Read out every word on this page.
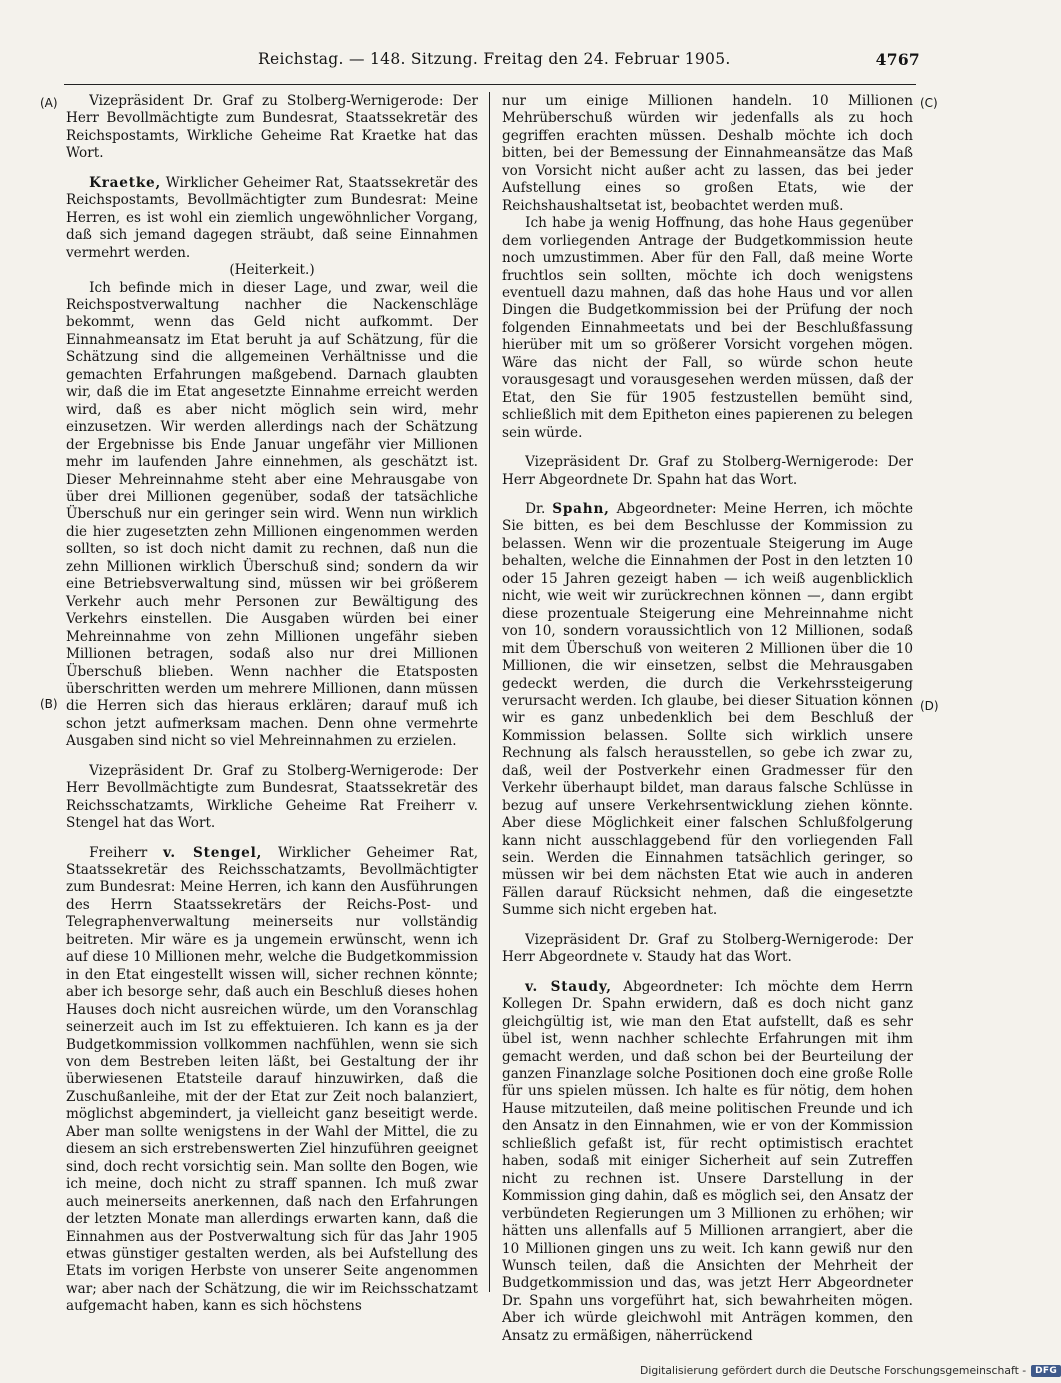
Reichstag. — 148. Sitzung. Freitag den 24. Februar 1905.	4767
(A)
(B)
(C)
(D)

Vizepräsident Dr. Graf zu Stolberg-Wernigerode: Der Herr Bevollmächtigte zum Bundesrat, Staatssekretär des Reichspostamts, Wirkliche Geheime Rat Kraetke hat das Wort.

Kraetke, Wirklicher Geheimer Rat, Staatssekretär des Reichspostamts, Bevollmächtigter zum Bundesrat: Meine Herren, es ist wohl ein ziemlich ungewöhnlicher Vorgang, daß sich jemand dagegen sträubt, daß seine Einnahmen vermehrt werden.

(Heiterkeit.)

Ich befinde mich in dieser Lage, und zwar, weil die Reichspostverwaltung nachher die Nackenschläge bekommt, wenn das Geld nicht aufkommt. Der Einnahmeansatz im Etat beruht ja auf Schätzung, für die Schätzung sind die allgemeinen Verhältnisse und die gemachten Erfahrungen maßgebend. Darnach glaubten wir, daß die im Etat angesetzte Einnahme erreicht werden wird, daß es aber nicht möglich sein wird, mehr einzusetzen. Wir werden allerdings nach der Schätzung der Ergebnisse bis Ende Januar ungefähr vier Millionen mehr im laufenden Jahre einnehmen, als geschätzt ist. Dieser Mehreinnahme steht aber eine Mehrausgabe von über drei Millionen gegenüber, sodaß der tatsächliche Überschuß nur ein geringer sein wird. Wenn nun wirklich die hier zugesetzten zehn Millionen eingenommen werden sollten, so ist doch nicht damit zu rechnen, daß nun die zehn Millionen wirklich Überschuß sind; sondern da wir eine Betriebsverwaltung sind, müssen wir bei größerem Verkehr auch mehr Personen zur Bewältigung des Verkehrs einstellen. Die Ausgaben würden bei einer Mehreinnahme von zehn Millionen ungefähr sieben Millionen betragen, sodaß also nur drei Millionen Überschuß blieben. Wenn nachher die Etatsposten überschritten werden um mehrere Millionen, dann müssen die Herren sich das hieraus erklären; darauf muß ich schon jetzt aufmerksam machen. Denn ohne vermehrte Ausgaben sind nicht so viel Mehreinnahmen zu erzielen.

Vizepräsident Dr. Graf zu Stolberg-Wernigerode: Der Herr Bevollmächtigte zum Bundesrat, Staatssekretär des Reichsschatzamts, Wirkliche Geheime Rat Freiherr v. Stengel hat das Wort.

Freiherr v. Stengel, Wirklicher Geheimer Rat, Staatssekretär des Reichsschatzamts, Bevollmächtigter zum Bundesrat: Meine Herren, ich kann den Ausführungen des Herrn Staatssekretärs der Reichs-Post- und Telegraphenverwaltung meinerseits nur vollständig beitreten. Mir wäre es ja ungemein erwünscht, wenn ich auf diese 10 Millionen mehr, welche die Budgetkommission in den Etat eingestellt wissen will, sicher rechnen könnte; aber ich besorge sehr, daß auch ein Beschluß dieses hohen Hauses doch nicht ausreichen würde, um den Voranschlag seinerzeit auch im Ist zu effektuieren. Ich kann es ja der Budgetkommission vollkommen nachfühlen, wenn sie sich von dem Bestreben leiten läßt, bei Gestaltung der ihr überwiesenen Etatsteile darauf hinzuwirken, daß die Zuschußanleihe, mit der der Etat zur Zeit noch balanziert, möglichst abgemindert, ja vielleicht ganz beseitigt werde. Aber man sollte wenigstens in der Wahl der Mittel, die zu diesem an sich erstrebenswerten Ziel hinzuführen geeignet sind, doch recht vorsichtig sein. Man sollte den Bogen, wie ich meine, doch nicht zu straff spannen. Ich muß zwar auch meinerseits anerkennen, daß nach den Erfahrungen der letzten Monate man allerdings erwarten kann, daß die Einnahmen aus der Postverwaltung sich für das Jahr 1905 etwas günstiger gestalten werden, als bei Aufstellung des Etats im vorigen Herbste von unserer Seite angenommen war; aber nach der Schätzung, die wir im Reichsschatzamt aufgemacht haben, kann es sich höchstens

nur um einige Millionen handeln. 10 Millionen Mehrüberschuß würden wir jedenfalls als zu hoch gegriffen erachten müssen. Deshalb möchte ich doch bitten, bei der Bemessung der Einnahmeansätze das Maß von Vorsicht nicht außer acht zu lassen, das bei jeder Aufstellung eines so großen Etats, wie der Reichshaushaltsetat ist, beobachtet werden muß.

Ich habe ja wenig Hoffnung, das hohe Haus gegenüber dem vorliegenden Antrage der Budgetkommission heute noch umzustimmen. Aber für den Fall, daß meine Worte fruchtlos sein sollten, möchte ich doch wenigstens eventuell dazu mahnen, daß das hohe Haus und vor allen Dingen die Budgetkommission bei der Prüfung der noch folgenden Einnahmeetats und bei der Beschlußfassung hierüber mit um so größerer Vorsicht vorgehen mögen. Wäre das nicht der Fall, so würde schon heute vorausgesagt und vorausgesehen werden müssen, daß der Etat, den Sie für 1905 festzustellen bemüht sind, schließlich mit dem Epitheton eines papierenen zu belegen sein würde.

Vizepräsident Dr. Graf zu Stolberg-Wernigerode: Der Herr Abgeordnete Dr. Spahn hat das Wort.

Dr. Spahn, Abgeordneter: Meine Herren, ich möchte Sie bitten, es bei dem Beschlusse der Kommission zu belassen. Wenn wir die prozentuale Steigerung im Auge behalten, welche die Einnahmen der Post in den letzten 10 oder 15 Jahren gezeigt haben — ich weiß augenblicklich nicht, wie weit wir zurückrechnen können —, dann ergibt diese prozentuale Steigerung eine Mehreinnahme nicht von 10, sondern voraussichtlich von 12 Millionen, sodaß mit dem Überschuß von weiteren 2 Millionen über die 10 Millionen, die wir einsetzen, selbst die Mehrausgaben gedeckt werden, die durch die Verkehrssteigerung verursacht werden. Ich glaube, bei dieser Situation können wir es ganz unbedenklich bei dem Beschluß der Kommission belassen. Sollte sich wirklich unsere Rechnung als falsch herausstellen, so gebe ich zwar zu, daß, weil der Postverkehr einen Gradmesser für den Verkehr überhaupt bildet, man daraus falsche Schlüsse in bezug auf unsere Verkehrsentwicklung ziehen könnte. Aber diese Möglichkeit einer falschen Schlußfolgerung kann nicht ausschlaggebend für den vorliegenden Fall sein. Werden die Einnahmen tatsächlich geringer, so müssen wir bei dem nächsten Etat wie auch in anderen Fällen darauf Rücksicht nehmen, daß die eingesetzte Summe sich nicht ergeben hat.

Vizepräsident Dr. Graf zu Stolberg-Wernigerode: Der Herr Abgeordnete v. Staudy hat das Wort.

v. Staudy, Abgeordneter: Ich möchte dem Herrn Kollegen Dr. Spahn erwidern, daß es doch nicht ganz gleichgültig ist, wie man den Etat aufstellt, daß es sehr übel ist, wenn nachher schlechte Erfahrungen mit ihm gemacht werden, und daß schon bei der Beurteilung der ganzen Finanzlage solche Positionen doch eine große Rolle für uns spielen müssen. Ich halte es für nötig, dem hohen Hause mitzuteilen, daß meine politischen Freunde und ich den Ansatz in den Einnahmen, wie er von der Kommission schließlich gefaßt ist, für recht optimistisch erachtet haben, sodaß mit einiger Sicherheit auf sein Zutreffen nicht zu rechnen ist. Unsere Darstellung in der Kommission ging dahin, daß es möglich sei, den Ansatz der verbündeten Regierungen um 3 Millionen zu erhöhen; wir hätten uns allenfalls auf 5 Millionen arrangiert, aber die 10 Millionen gingen uns zu weit. Ich kann gewiß nur den Wunsch teilen, daß die Ansichten der Mehrheit der Budgetkommission und das, was jetzt Herr Abgeordneter Dr. Spahn uns vorgeführt hat, sich bewahrheiten mögen. Aber ich würde gleichwohl mit Anträgen kommen, den Ansatz zu ermäßigen, näherrückend

Digitalisierung gefördert durch die Deutsche Forschungsgemeinschaft -	DFG
